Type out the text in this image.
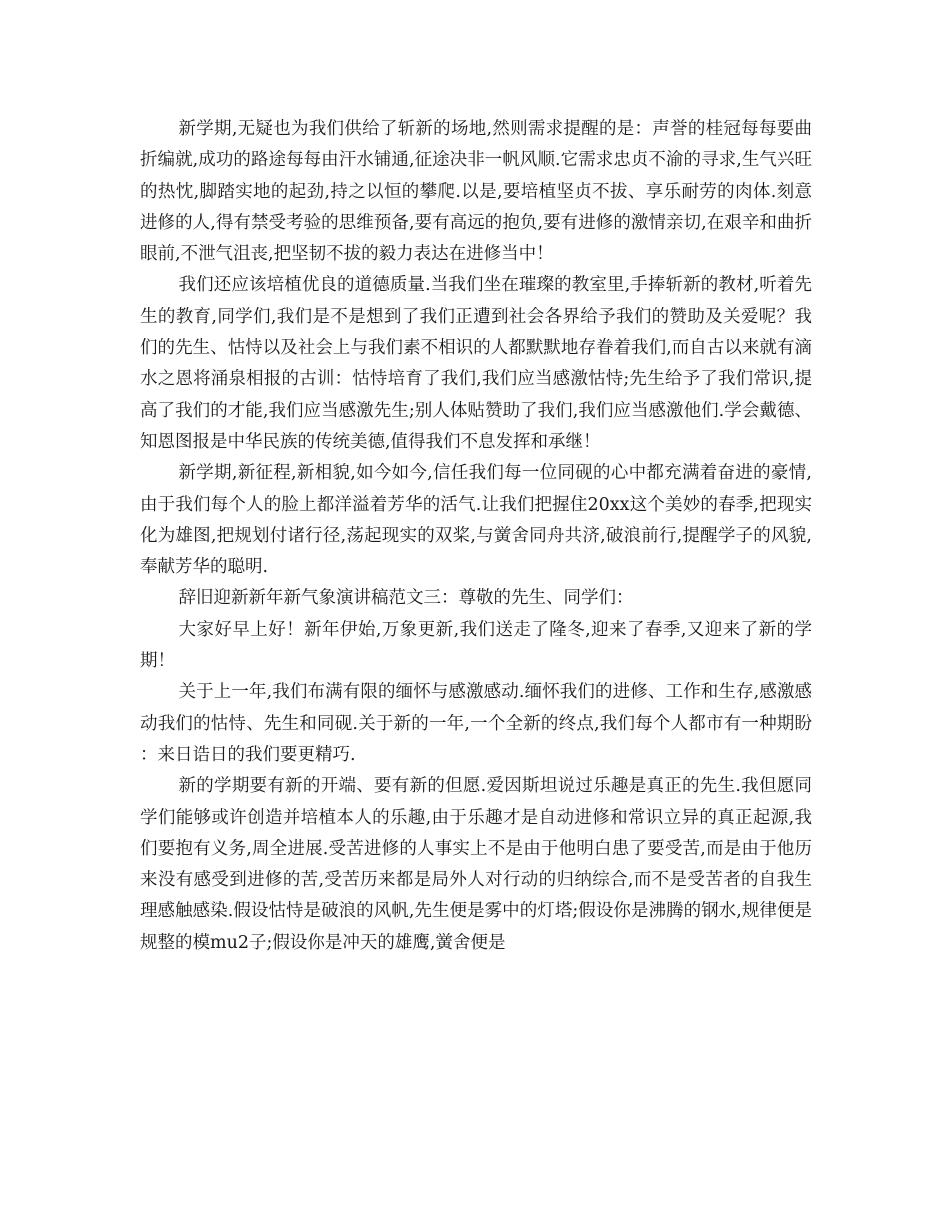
新学期,无疑也为我们供给了斩新的场地,然则需求提醒的是：声誉的桂冠每每要曲折编就,成功的路途每每由汗水铺通,征途决非一帆风顺.它需求忠贞不渝的寻求,生气兴旺的热忱,脚踏实地的起劲,持之以恒的攀爬.以是,要培植坚贞不拔、享乐耐劳的肉体.刻意进修的人,得有禁受考验的思维预备,要有高远的抱负,要有进修的激情亲切,在艰辛和曲折眼前,不泄气沮丧,把坚韧不拔的毅力表达在进修当中！

我们还应该培植优良的道德质量.当我们坐在璀璨的教室里,手捧斩新的教材,听着先生的教育,同学们,我们是不是想到了我们正遭到社会各界给予我们的赞助及关爱呢？我们的先生、怙恃以及社会上与我们素不相识的人都默默地存眷着我们,而自古以来就有滴水之恩将涌泉相报的古训：怙恃培育了我们,我们应当感激怙恃;先生给予了我们常识,提高了我们的才能,我们应当感激先生;别人体贴赞助了我们,我们应当感激他们.学会戴德、知恩图报是中华民族的传统美德,值得我们不息发挥和承继！

新学期,新征程,新相貌,如今如今,信任我们每一位同砚的心中都充满着奋进的豪情,由于我们每个人的脸上都洋溢着芳华的活气.让我们把握住20xx这个美妙的春季,把现实化为雄图,把规划付诸行径,荡起现实的双桨,与黉舍同舟共济,破浪前行,提醒学子的风貌,奉献芳华的聪明.

辞旧迎新新年新气象演讲稿范文三：尊敬的先生、同学们：

大家好早上好！新年伊始,万象更新,我们送走了隆冬,迎来了春季,又迎来了新的学期！

关于上一年,我们布满有限的缅怀与感激感动.缅怀我们的进修、工作和生存,感激感动我们的怙恃、先生和同砚.关于新的一年,一个全新的终点,我们每个人都市有一种期盼：来日诰日的我们要更精巧.

新的学期要有新的开端、要有新的但愿.爱因斯坦说过乐趣是真正的先生.我但愿同学们能够或许创造并培植本人的乐趣,由于乐趣才是自动进修和常识立异的真正起源,我们要抱有义务,周全进展.受苦进修的人事实上不是由于他明白患了要受苦,而是由于他历来没有感受到进修的苦,受苦历来都是局外人对行动的归纳综合,而不是受苦者的自我生理感触感染.假设怙恃是破浪的风帆,先生便是雾中的灯塔;假设你是沸腾的钢水,规律便是规整的模mu2子;假设你是冲天的雄鹰,黉舍便是
